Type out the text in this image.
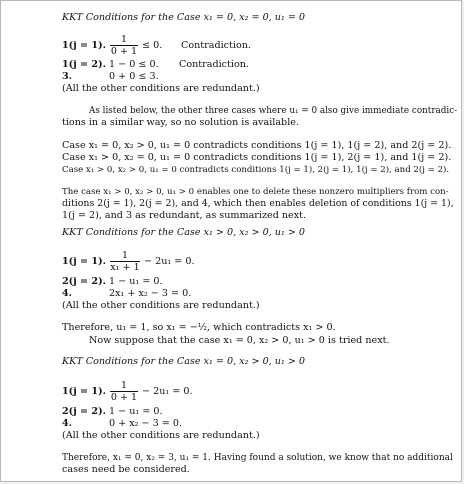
KKT Conditions for the Case x₁ = 0, x₂ = 0, u₁ = 0
1(j = 1).
1
0 + 1
≤ 0. Contradiction.
1(j = 2). 1 − 0 ≤ 0. Contradiction.
3.	0 + 0 ≤ 3.
(All the other conditions are redundant.)
As listed below, the other three cases where u₁ = 0 also give immediate contradic-
tions in a similar way, so no solution is available.
Case x₁ = 0, x₂ > 0, u₁ = 0 contradicts conditions 1(j = 1), 1(j = 2), and 2(j = 2).
Case x₁ > 0, x₂ = 0, u₁ = 0 contradicts conditions 1(j = 1), 2(j = 1), and 1(j = 2).
Case x₁ > 0, x₂ > 0, u₁ = 0 contradicts conditions 1(j = 1), 2(j = 1), 1(j = 2), and 2(j = 2).
The case x₁ > 0, x₂ > 0, u₁ > 0 enables one to delete these nonzero multipliers from con-
ditions 2(j = 1), 2(j = 2), and 4, which then enables deletion of conditions 1(j = 1),
1(j = 2), and 3 as redundant, as summarized next.
KKT Conditions for the Case x₁ > 0, x₂ > 0, u₁ > 0
1(j = 1).
1
x₁ + 1
− 2u₁ = 0.
2(j = 2). 1 − u₁ = 0.
4.	2x₁ + x₂ − 3 = 0.
(All the other conditions are redundant.)
Therefore, u₁ = 1, so x₁ = −½, which contradicts x₁ > 0.
Now suppose that the case x₁ = 0, x₂ > 0, u₁ > 0 is tried next.
KKT Conditions for the Case x₁ = 0, x₂ > 0, u₁ > 0
1(j = 1).
1
0 + 1
− 2u₁ = 0.
2(j = 2). 1 − u₁ = 0.
4.	0 + x₂ − 3 = 0.
(All the other conditions are redundant.)
Therefore, x₁ = 0, x₂ = 3, u₁ = 1. Having found a solution, we know that no additional
cases need be considered.
